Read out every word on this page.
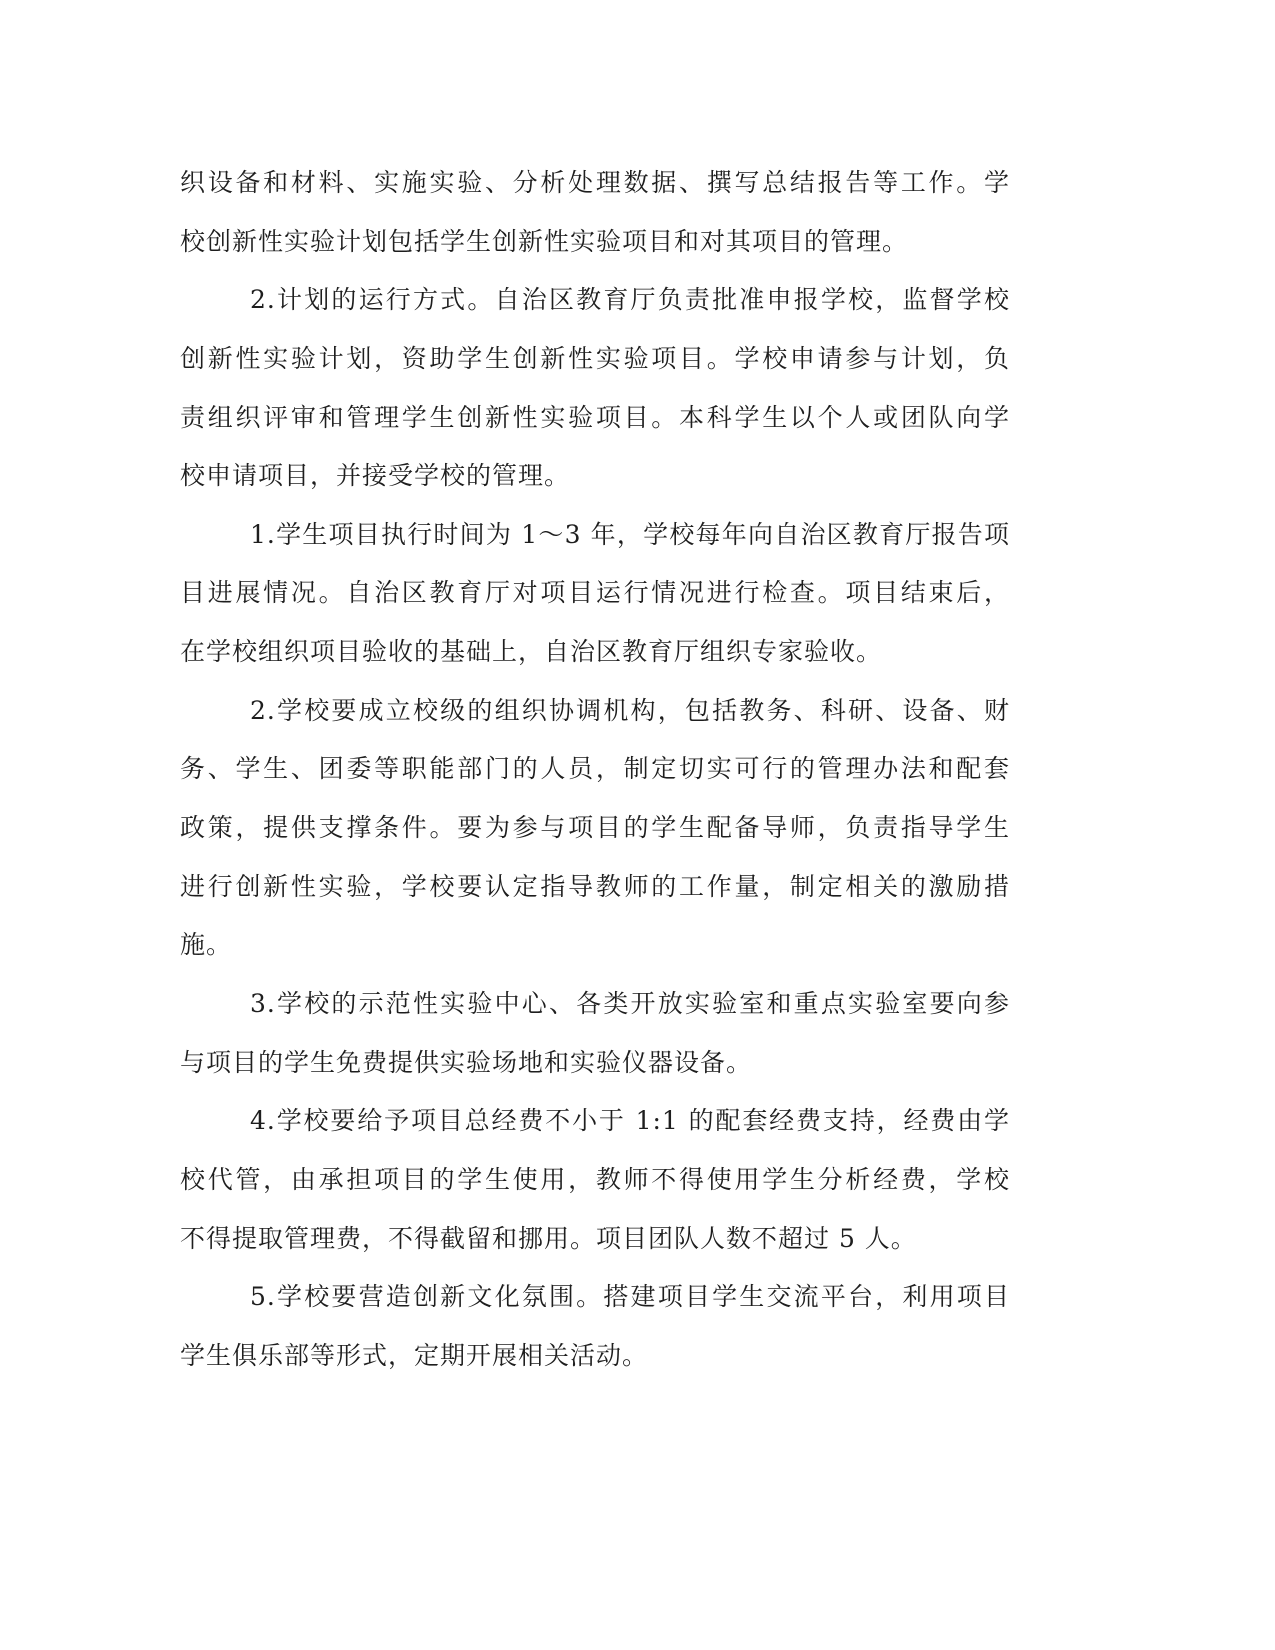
织设备和材料、实施实验、分析处理数据、撰写总结报告等工作。学
校创新性实验计划包括学生创新性实验项目和对其项目的管理。
2.计划的运行方式。自治区教育厅负责批准申报学校，监督学校
创新性实验计划，资助学生创新性实验项目。学校申请参与计划，负
责组织评审和管理学生创新性实验项目。本科学生以个人或团队向学
校申请项目，并接受学校的管理。
1.学生项目执行时间为 1～3 年，学校每年向自治区教育厅报告项
目进展情况。自治区教育厅对项目运行情况进行检查。项目结束后，
在学校组织项目验收的基础上，自治区教育厅组织专家验收。
2.学校要成立校级的组织协调机构，包括教务、科研、设备、财
务、学生、团委等职能部门的人员，制定切实可行的管理办法和配套
政策，提供支撑条件。要为参与项目的学生配备导师，负责指导学生
进行创新性实验，学校要认定指导教师的工作量，制定相关的激励措
施。
3.学校的示范性实验中心、各类开放实验室和重点实验室要向参
与项目的学生免费提供实验场地和实验仪器设备。
4.学校要给予项目总经费不小于 1:1 的配套经费支持，经费由学
校代管，由承担项目的学生使用，教师不得使用学生分析经费，学校
不得提取管理费，不得截留和挪用。项目团队人数不超过 5 人。
5.学校要营造创新文化氛围。搭建项目学生交流平台，利用项目
学生俱乐部等形式，定期开展相关活动。
